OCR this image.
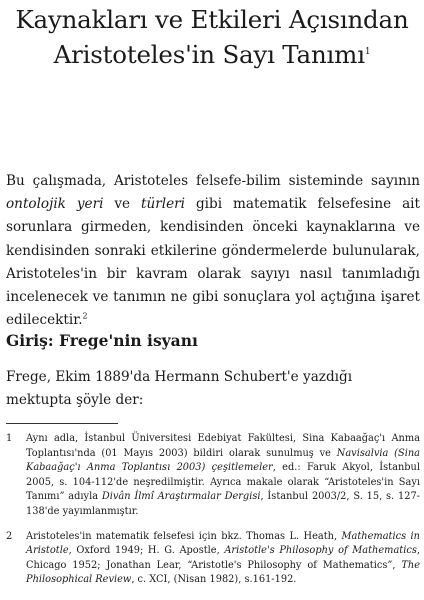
Kaynakları ve Etkileri Açısından
Aristoteles'in Sayı Tanımı$^1$

Bu çalışmada, Aristoteles felsefe-bilim sisteminde sayının ontolojik yeri ve türleri gibi matematik felsefesine ait sorunlara girmeden, kendisinden önceki kaynaklarına ve kendisinden sonraki etkilerine göndermelerde bulunularak, Aristoteles'in bir kavram olarak sayıyı nasıl tanımladığı incelenecek ve tanımın ne gibi sonuçlara yol açtığına işaret edilecektir.$^2$

Giriş: Frege'nin isyanı

Frege, Ekim 1889'da Hermann Schubert'e yazdığı mektupta şöyle der:

1	Aynı adla, İstanbul Üniversitesi Edebiyat Fakültesi, Sina Kabaağaç'ı Anma Toplantısı'nda (01 Mayıs 2003) bildiri olarak sunulmuş ve Navisalvia (Sina Kabaağaç'ı Anma Toplantısı 2003) çeşitlemeler, ed.: Faruk Akyol, İstanbul 2005, s. 104-112'de neşredilmiştir. Ayrıca makale olarak “Aristoteles'in Sayı Tanımı” adıyla Divân İlmî Araştırmalar Dergisi, İstanbul 2003/2, S. 15, s. 127-138'de yayımlanmıştır.
2	Aristoteles'in matematik felsefesi için bkz. Thomas L. Heath, Mathematics in Aristotle, Oxford 1949; H. G. Apostle, Aristotle's Philosophy of Mathematics, Chicago 1952; Jonathan Lear, “Aristotle's Philosophy of Mathematics”, The Philosophical Review, c. XCI, (Nisan 1982), s.161-192.
